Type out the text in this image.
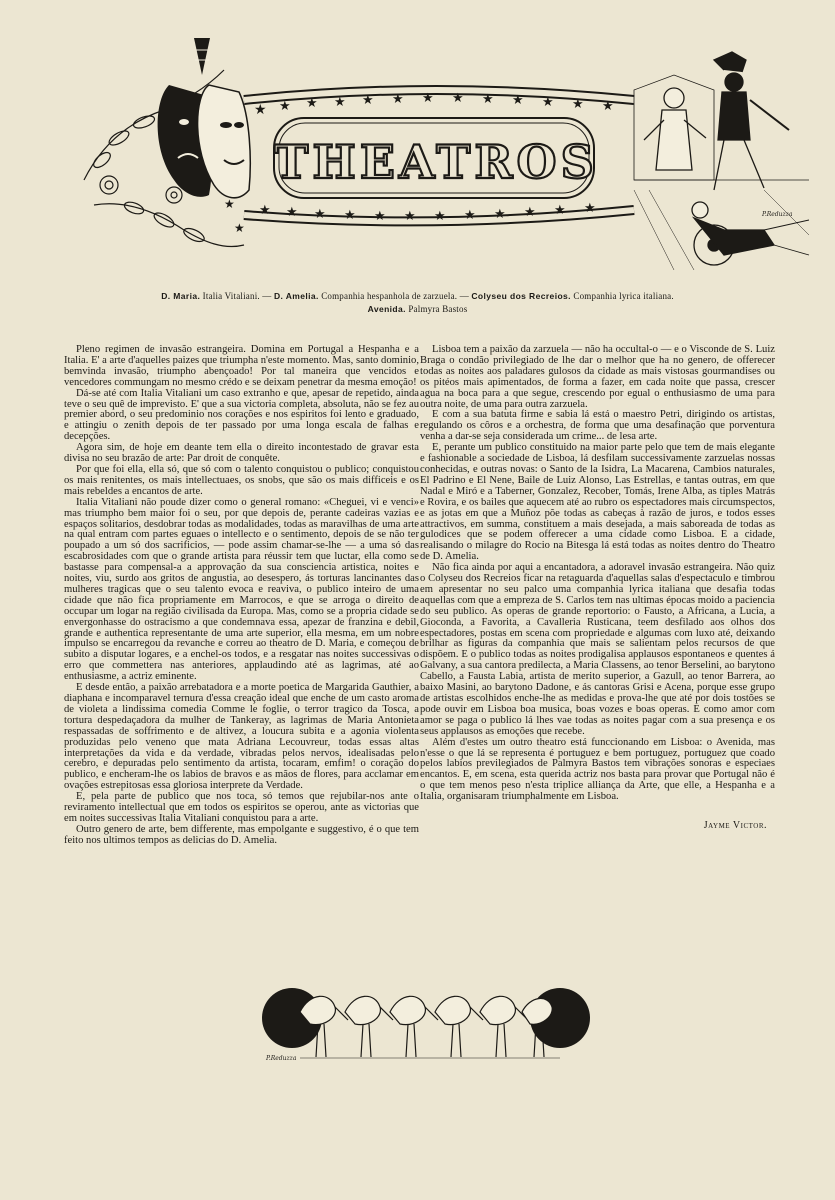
★ ★ ★ ★ ★ ★ ★ ★ ★ ★ ★ ★ ★
★ ★ ★ ★ ★ ★ ★ ★ ★ ★ ★ ★
★
★
THEATROS
P.Reduzza
D. Maria. Italia Vitaliani. — D. Amelia. Companhia hespanhola de zarzuela. — Colyseu dos Recreios. Companhia lyrica italiana.
Avenida. Palmyra Bastos

Pleno regimen de invasão estrangeira. Domina em Portugal a Hespanha e a Italia. E' a arte d'aquelles paizes que triumpha n'este momento. Mas, santo dominio, bemvinda invasão, triumpho abençoado! Por tal maneira que vencidos e vencedores commungam no mesmo crédo e se deixam penetrar da mesma emoção!

Dá-se até com Italia Vitaliani um caso extranho e que, apesar de repetido, ainda teve o seu quê de imprevisto. E' que a sua victoria completa, absoluta, não se fez au premier abord, o seu predominio nos corações e nos espiritos foi lento e graduado, e attingiu o zenith depois de ter passado por uma longa escala de falhas e decepções.

Agora sim, de hoje em deante tem ella o direito incontestado de gravar esta divisa no seu brazão de arte: Par droit de conquête.

Por que foi ella, ella só, que só com o talento conquistou o publico; conquistou os mais renitentes, os mais intellectuaes, os snobs, que são os mais difficeis e os mais rebeldes a encantos de arte.

Italia Vitaliani não poude dizer como o general romano: «Cheguei, vi e venci» mas triumpho bem maior foi o seu, por que depois de, perante cadeiras vazias e espaços solitarios, desdobrar todas as modalidades, todas as maravilhas de uma arte na qual entram com partes eguaes o intellecto e o sentimento, depois de se não ter poupado a um só dos sacrificios, — pode assim chamar-se-lhe — a uma só das escabrosidades com que o grande artista para réussir tem que luctar, ella como se bastasse para compensal-a a approvação da sua consciencia artistica, noites e noites, viu, surdo aos gritos de angustia, ao desespero, ás torturas lancinantes das mulheres tragicas que o seu talento evoca e reaviva, o publico inteiro de uma cidade que não fica propriamente em Marrocos, e que se arroga o direito de occupar um logar na região civilisada da Europa. Mas, como se a propria cidade se envergonhasse do ostracismo a que condemnava essa, apezar de franzina e debil, grande e authentica representante de uma arte superior, ella mesma, em um nobre impulso se encarregou da revanche e correu ao theatro de D. Maria, e começou de subito a disputar logares, e a enchel-os todos, e a resgatar nas noites successivas o erro que commettera nas anteriores, applaudindo até as lagrimas, até ao enthusiasme, a actriz eminente.

E desde então, a paixão arrebatadora e a morte poetica de Margarida Gauthier, a diaphana e incomparavel ternura d'essa creação ideal que enche de um casto aroma de violeta a lindissima comedia Comme le foglie, o terror tragico da Tosca, a tortura despedaçadora da mulher de Tankeray, as lagrimas de Maria Antonieta respassadas de soffrimento e de altivez, a loucura subita e a agonia violenta produzidas pelo veneno que mata Adriana Lecouvreur, todas essas altas interpretações da vida e da verdade, vibradas pelos nervos, idealisadas pelo cerebro, e depuradas pelo sentimento da artista, tocaram, emfim! o coração do publico, e encheram-lhe os labios de bravos e as mãos de flores, para acclamar em ovações estrepitosas essa gloriosa interprete da Verdade.

E, pela parte de publico que nos toca, só temos que rejubilar-nos ante o reviramento intellectual que em todos os espiritos se operou, ante as victorias que em noites successivas Italia Vitaliani conquistou para a arte.

Outro genero de arte, bem differente, mas empolgante e suggestivo, é o que tem feito nos ultimos tempos as delicias do D. Amelia.

Lisboa tem a paixão da zarzuela — não ha occultal-o — e o Visconde de S. Luiz Braga o condão privilegiado de lhe dar o melhor que ha no genero, de offerecer todas as noites aos paladares gulosos da cidade as mais vistosas gourmandises ou os pitéos mais apimentados, de forma a fazer, em cada noite que passa, crescer agua na boca para a que segue, crescendo por egual o enthusiasmo de uma para outra noite, de uma para outra zarzuela.

E com a sua batuta firme e sabia lá está o maestro Petri, dirigindo os artistas, regulando os côros e a orchestra, de forma que uma desafinação que porventura venha a dar-se seja considerada um crime... de lesa arte.

E, perante um publico constituido na maior parte pelo que tem de mais elegante e fashionable a sociedade de Lisboa, lá desfilam successivamente zarzuelas nossas conhecidas, e outras novas: o Santo de la Isidra, La Macarena, Cambios naturales, El Padrino e El Nene, Baile de Luiz Alonso, Las Estrellas, e tantas outras, em que Nadal e Miró e a Taberner, Gonzalez, Recober, Tomás, Irene Alba, as tiples Matrás e Rovira, e os bailes que aquecem até ao rubro os espectadores mais circumspectos, e as jotas em que a Muñoz põe todas as cabeças à razão de juros, e todos esses attractivos, em summa, constituem a mais desejada, a mais saboreada de todas as gulodices que se podem offerecer a uma cidade como Lisboa. E a cidade, realisando o milagre do Rocio na Bitesga lá está todas as noites dentro do Theatro de D. Amelia.

Não fica ainda por aqui a encantadora, a adoravel invasão estrangeira. Não quiz o Colyseu dos Recreios ficar na retaguarda d'aquellas salas d'espectaculo e timbrou em apresentar no seu palco uma companhia lyrica italiana que desafia todas aquellas com que a empreza de S. Carlos tem nas ultimas épocas moido a paciencia do seu publico. As operas de grande reportorio: o Fausto, a Africana, a Lucia, a Gioconda, a Favorita, a Cavalleria Rusticana, teem desfilado aos olhos dos espectadores, postas em scena com propriedade e algumas com luxo até, deixando brilhar as figuras da companhia que mais se salientam pelos recursos de que dispõem. E o publico todas as noites prodigalisa applausos espontaneos e quentes á Galvany, a sua cantora predilecta, a Maria Classens, ao tenor Berselini, ao barytono Cabello, a Fausta Labia, artista de merito superior, a Gazull, ao tenor Barrera, ao baixo Masini, ao barytono Dadone, e ás cantoras Grisi e Acena, porque esse grupo de artistas escolhidos enche-lhe as medidas e prova-lhe que até por dois tostões se pode ouvir em Lisboa boa musica, boas vozes e boas operas. E como amor com amor se paga o publico lá lhes vae todas as noites pagar com a sua presença e os seus applausos as emoções que recebe.

Além d'estes um outro theatro está funccionando em Lisboa: o Avenida, mas n'esse o que lá se representa é portuguez e bem portuguez, portuguez que coado pelos labios previlegiados de Palmyra Bastos tem vibrações sonoras e especiaes encantos. E, em scena, esta querida actriz nos basta para provar que Portugal não é o que tem menos peso n'esta triplice alliança da Arte, que elle, a Hespanha e a Italia, organisaram triumphalmente em Lisboa.

Jayme Victor.
P.Reduzza
